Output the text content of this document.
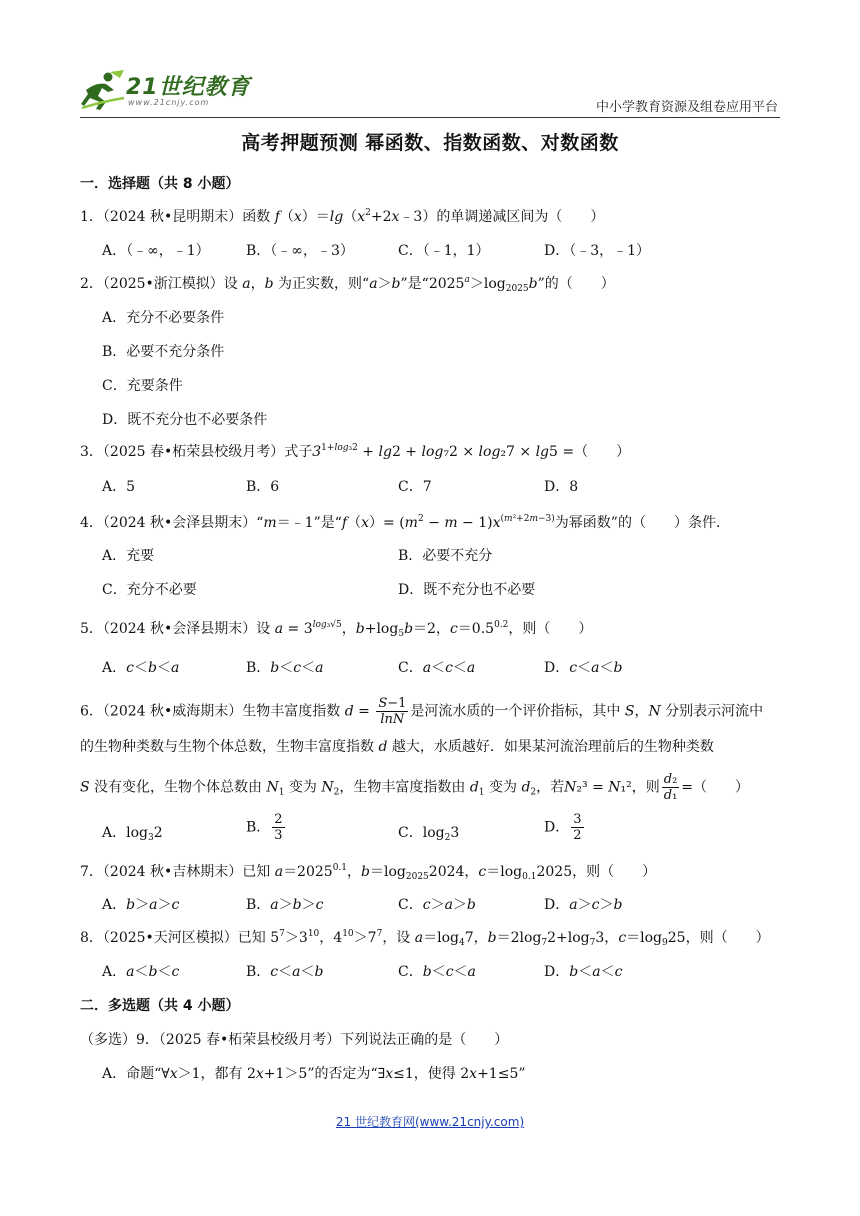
21世纪教育
www.21cnjy.com	中小学教育资源及组卷应用平台
高考押题预测 幂函数、指数函数、对数函数
一．选择题（共 8 小题）
1．（2024 秋•昆明期末）函数 $f(x)=\lg(x^2+2x﹣3)$的单调递减区间为（　　）
A．（﹣∞，﹣1）	B．（﹣∞，﹣3）	C．（﹣1，1）	D．（﹣3，﹣1）
2．（2025•浙江模拟）设 a，b 为正实数，则“a＞b”是“$2025^a>\log_{2025}b$”的（　　）
A．充分不必要条件
B．必要不充分条件
C．充要条件
D．既不充分也不必要条件
3．（2025 春•柘荣县校级月考）式子$3^{1+log_32} + \lg 2 + \log_72 \times \log_27 \times \lg 5$ =（　　）
A．5	B．6	C．7	D．8
4．（2024 秋•会泽县期末）“m＝﹣1”是“$f(x)= (m^2 - m - 1)x^{(m^2+2m-3)}$为幂函数”的（　　）条件．
A．充要	B．必要不充分
C．充分不必要	D．既不充分也不必要
5．（2024 秋•会泽县期末）设 $a = 3^{log_3√5}$，$b+\log_5b=2$，$c=0.5^{0.2}$，则（　　）
A．c＜b＜a	B．b＜c＜a	C．a＜c＜a	D．c＜a＜b
6．（2024 秋•威海期末）生物丰富度指数 $d = \frac{S-1}{\ln N}$ 是河流水质的一个评价指标，其中 S，N 分别表示河流中
的生物种类数与生物个体总数，生物丰富度指数 d 越大，水质越好．如果某河流治理前后的生物种类数
S 没有变化，生物个体总数由 $N_1$ 变为 $N_2$，生物丰富度指数由 $d_1$ 变为 $d_2$，若N₂³ = N₁²，则 $\frac{\text{d₂}}{\text{d₁}}$ =（　　）
A．$\log_32$	B． $\frac{2}{3}$	C．$\log_23$	D． $\frac{3}{2}$
7．（2024 秋•吉林期末）已知 $a=2025^{0.1}$，$b=\log_{2025}2024$，$c=\log_{0.1}2025$，则（　　）
A．b＞a＞c	B．a＞b＞c	C．c＞a＞b	D．a＞c＞b
8．（2025•天河区模拟）已知 $5^7>3^{10}$，$4^{10}>7^7$，设 $a=\log_47$，$b=2\log_72+\log_73$，$c=\log_925$，则（　　）
A．a＜b＜c	B．c＜a＜b	C．b＜c＜a	D．b＜a＜c
二．多选题（共 4 小题）
（多选）9．（2025 春•柘荣县校级月考）下列说法正确的是（　　）
A．命题“∀x＞1，都有 2x+1＞5”的否定为“∃x≤1，使得 2x+1≤5”
21 世纪教育网(www.21cnjy.com)
